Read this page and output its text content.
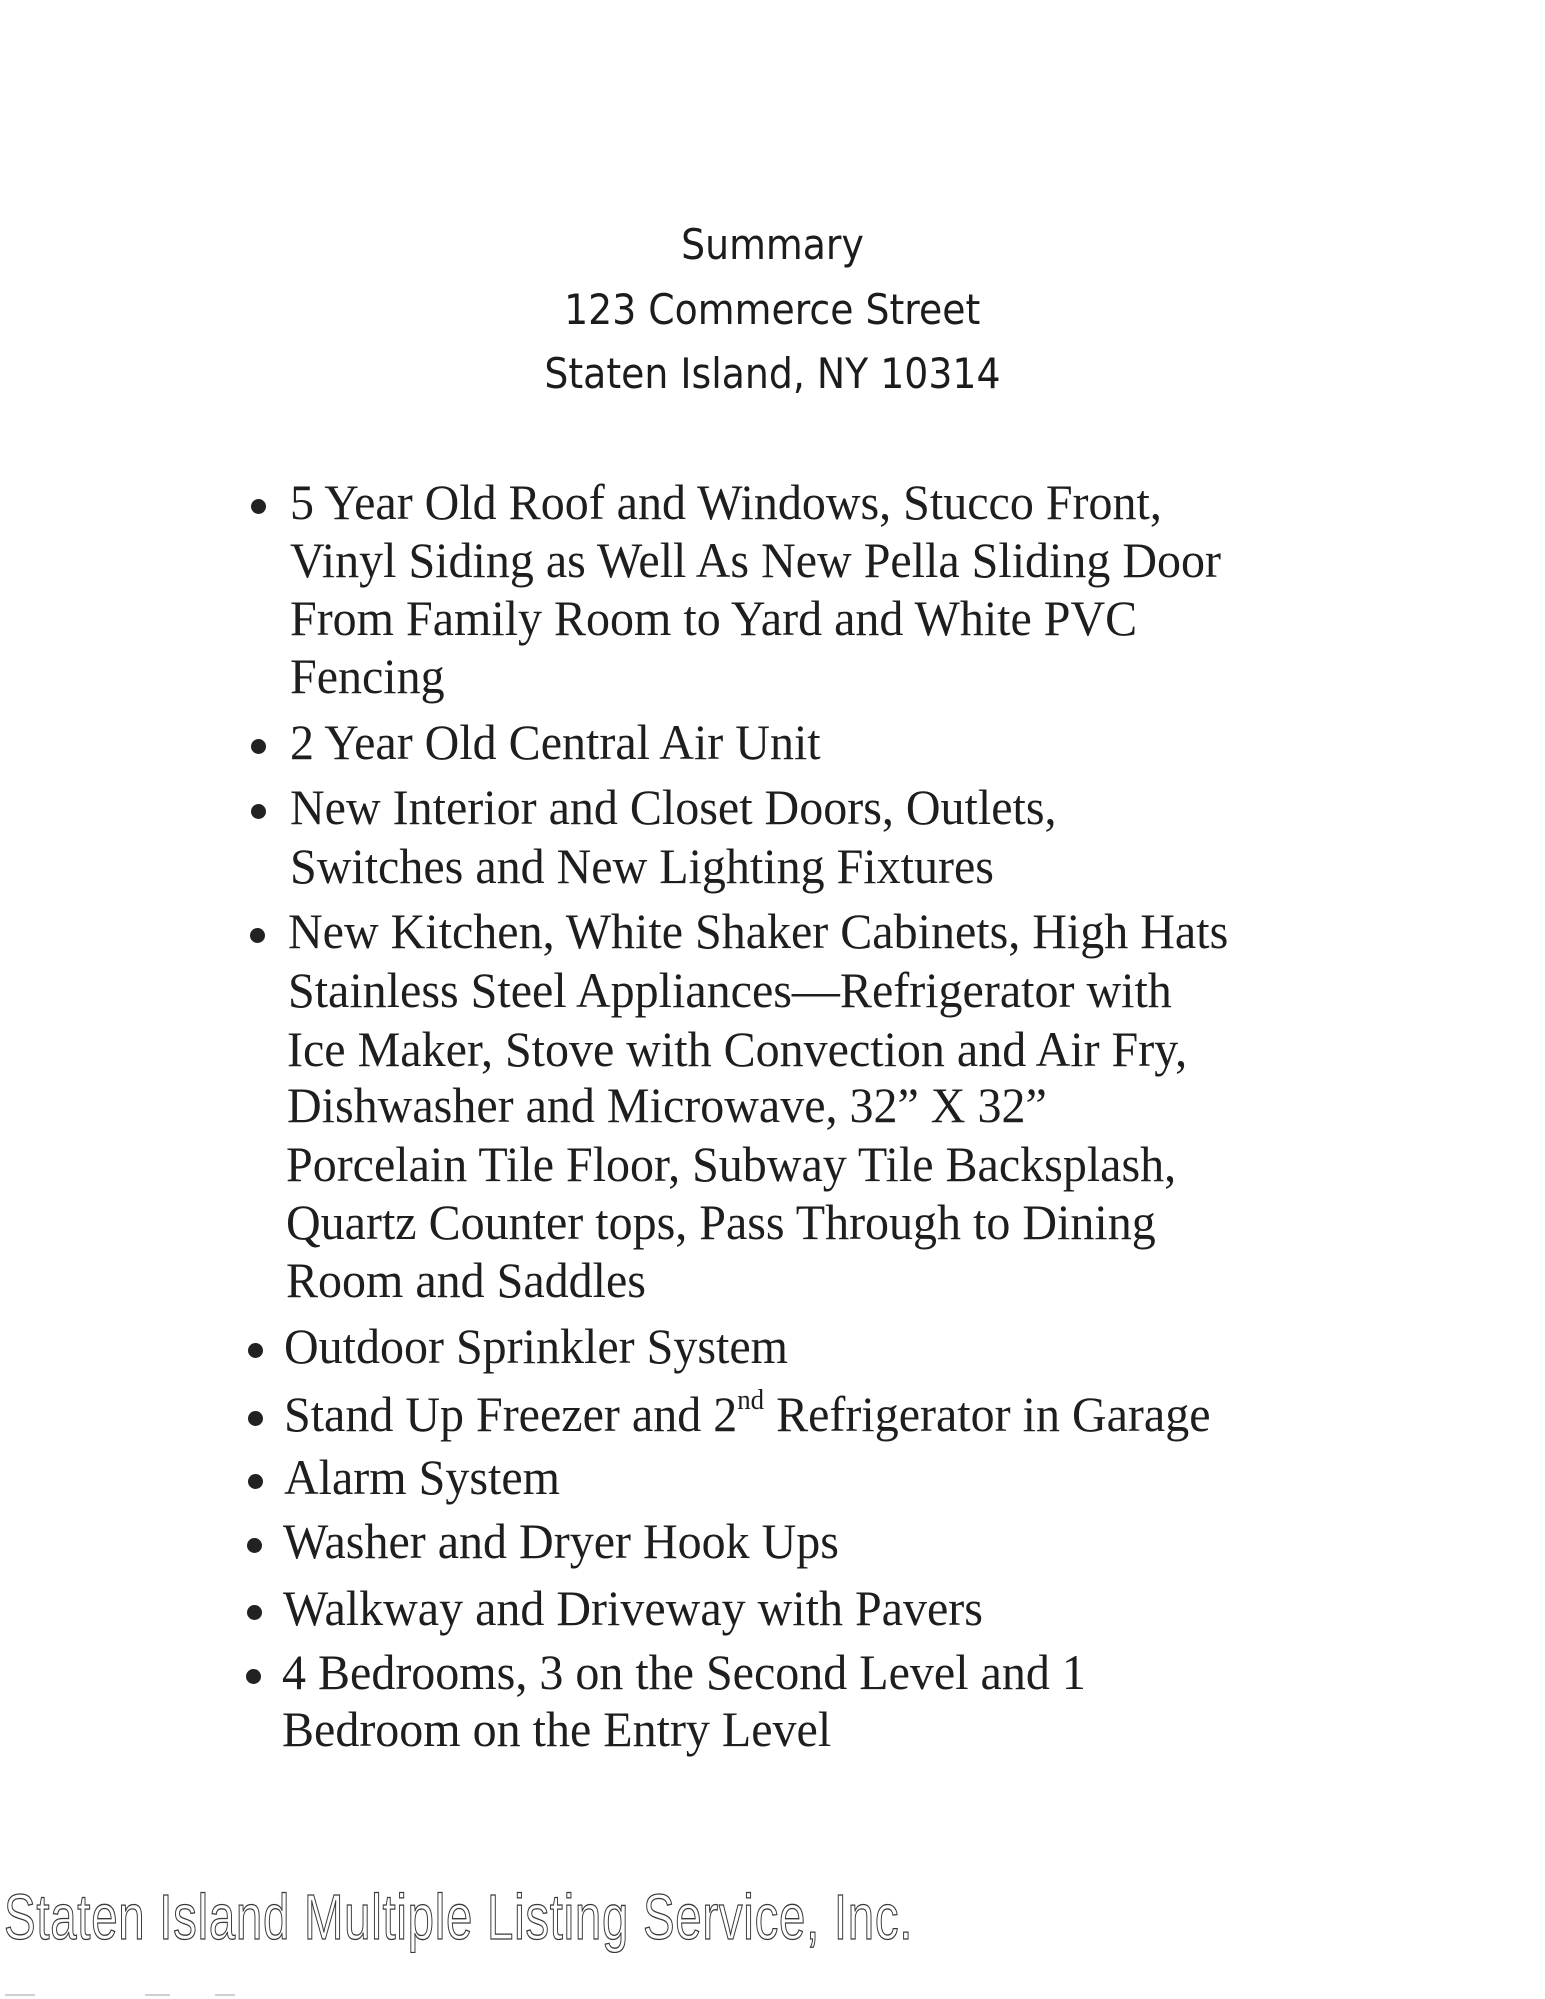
Summary
123 Commerce Street
Staten Island, NY 10314
5 Year Old Roof and Windows, Stucco Front,
Vinyl Siding as Well As New Pella Sliding Door
From Family Room to Yard and White PVC
Fencing
2 Year Old Central Air Unit
New Interior and Closet Doors, Outlets,
Switches and New Lighting Fixtures
New Kitchen, White Shaker Cabinets, High Hats
Stainless Steel Appliances—Refrigerator with
Ice Maker, Stove with Convection and Air Fry,
Dishwasher and Microwave, 32” X 32”
Porcelain Tile Floor, Subway Tile Backsplash,
Quartz Counter tops, Pass Through to Dining
Room and Saddles
Outdoor Sprinkler System
Stand Up Freezer and 2nd Refrigerator in Garage
Alarm System
Washer and Dryer Hook Ups
Walkway and Driveway with Pavers
4 Bedrooms, 3 on the Second Level and 1
Bedroom on the Entry Level
Staten Island Multiple Listing Service, Inc.
